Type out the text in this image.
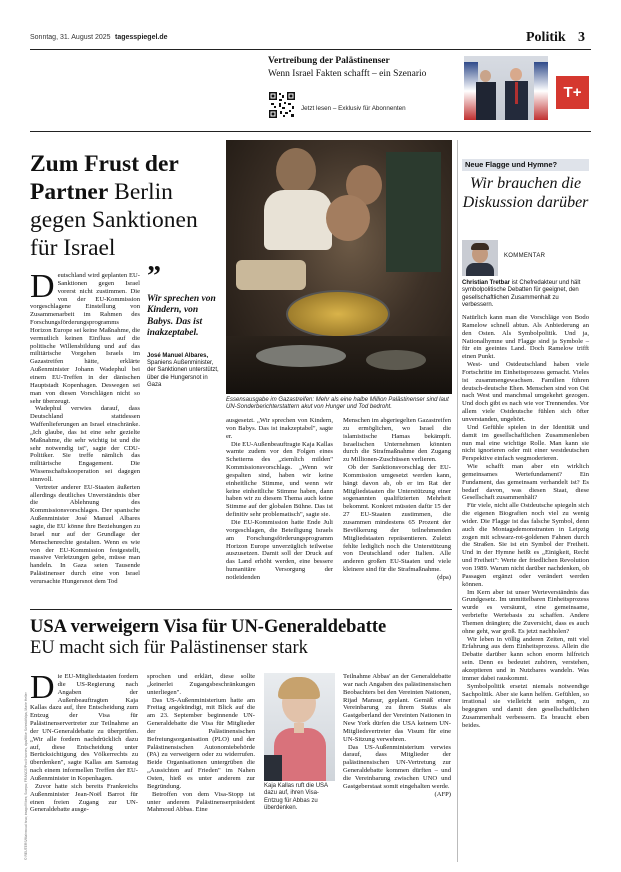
Sonntag, 31. August 2025 tagesspiegel.de	Politik 3
Vertreibung der Palästinenser
Wenn Israel Fakten schafft – ein Szenario
Jetzt lesen – Exklusiv für Abonnenten
T+
Zum Frust der Partner Berlin gegen Sanktionen für Israel
Essensausgabe im Gazastreifen: Mehr als eine halbe Million Palästinenser sind laut UN-Sonderberichterstattern akut von Hunger und Tod bedroht.
”
Wir sprechen von Kindern, von Babys. Das ist inakzeptabel.
José Manuel Albares, Spaniens Außenminister, der Sanktionen unterstützt, über die Hungersnot in Gaza

Deutschland wird geplanten EU-Sanktionen gegen Israel vorerst nicht zustimmen. Die von der EU-Kommission vorgeschlagene Einstellung von Zusammenarbeit im Rahmen des Forschungsförderungsprogramms Horizon Europe sei keine Maßnahme, die vermutlich keinen Einfluss auf die politische Willensbildung und auf das militärische Vorgehen Israels im Gazastreifen hätte, erklärte Außenminister Johann Wadephul bei einem EU-Treffen in der dänischen Hauptstadt Kopenhagen. Deswegen sei man von diesen Vorschlägen nicht so sehr überzeugt.

Wadephul verwies darauf, dass Deutschland stattdessen Waffenlieferungen an Israel einschränke. „Ich glaube, das ist eine sehr gezielte Maßnahme, die sehr wichtig ist und die sehr notwendig ist", sagte der CDU-Politiker. Sie treffe nämlich das militärische Engagement. Die Wissenschaftskooperation sei dagegen sinnvoll.

Vertreter anderer EU-Staaten äußerten allerdings deutliches Unverständnis über die Ablehnung des Kommissionsvorschlages. Der spanische Außenminister José Manuel Albares sagte, die EU könne ihre Beziehungen zu Israel nur auf der Grundlage der Menschenrechte gestalten. Wenn es wie von der EU-Kommission festgestellt, massive Verletzungen gebe, müsse man handeln. In Gaza seien Tausende Palästinenser durch eine von Israel verursachte Hungersnot dem Tod

ausgesetzt. „Wir sprechen von Kindern, von Babys. Das ist inakzeptabel", sagte er.

Die EU-Außenbeauftragte Kaja Kallas warnte zudem vor den Folgen eines Scheiterns des „ziemlich milden" Kommissionsvorschlags. „Wenn wir gespalten sind, haben wir keine einheitliche Stimme, und wenn wir keine einheitliche Stimme haben, dann haben wir zu diesem Thema auch keine Stimme auf der globalen Bühne. Das ist definitiv sehr problematisch", sagte sie.

Die EU-Kommission hatte Ende Juli vorgeschlagen, die Beteiligung Israels am Forschungsförderungsprogramm Horizon Europe unverzüglich teilweise auszusetzen. Damit soll der Druck auf das Land erhöht werden, eine bessere humanitäre Versorgung der notleidenden

Menschen im abgeriegelten Gazastreifen zu ermöglichen, wo Israel die islamistische Hamas bekämpft. Israelischen Unternehmen könnten durch die Strafmaßnahme den Zugang zu Millionen-Zuschüssen verlieren.

Ob der Sanktionsvorschlag der EU-Kommission umgesetzt werden kann, hängt davon ab, ob er im Rat der Mitgliedstaaten die Unterstützung einer sogenannten qualifizierten Mehrheit bekommt. Konkret müssten dafür 15 der 27 EU-Staaten zustimmen, die zusammen mindestens 65 Prozent der Bevölkerung der teilnehmenden Mitgliedstaaten repräsentieren. Zuletzt fehlte lediglich noch die Unterstützung von Deutschland oder Italien. Alle anderen großen EU-Staaten und viele kleinere sind für die Strafmaßnahme.

(dpa)

Neue Flagge und Hymne?
Wir brauchen die Diskussion darüber
KOMMENTAR
Christian Tretbar ist Chefredakteur und hält symbolpolitische Debatten für geeignet, den gesellschaftlichen Zusammenhalt zu verbessern.

Natürlich kann man die Vorschläge von Bodo Ramelow schnell abtun. Als Anbiederung an den Osten. Als Symbolpolitik. Und ja, Nationalhymne und Flagge sind ja Symbole – für ein geeintes Land. Doch Ramelow trifft einen Punkt.

West- und Ostdeutschland haben viele Fortschritte im Einheitsprozess gemacht. Vieles ist zusammengewachsen. Familien führen deutsch-deutsche Ehen. Menschen sind von Ost nach West und manchmal umgekehrt gezogen. Und doch gibt es nach wie vor Trennendes. Vor allem viele Ostdeutsche fühlen sich öfter unverstanden, ungehört.

Und Gefühle spielen in der Identität und damit im gesellschaftlichen Zusammenleben nun mal eine wichtige Rolle. Man kann sie nicht ignorieren oder mit einer westdeutschen Perspektive einfach wegmoderieren.

Wie schafft man aber ein wirklich gemeinsames Wertefundament? Ein Fundament, das gemeinsam verhandelt ist? Es bedarf davon, was diesen Staat, diese Gesellschaft zusammenhält?

Für viele, nicht alle Ostdeutsche spiegeln sich die eigenen Biografien noch viel zu wenig wider. Die Flagge ist das falsche Symbol, denn auch die Montagsdemonstranten in Leipzig zogen mit schwarz-rot-goldenen Fahnen durch die Straßen. Sie ist ein Symbol der Freiheit. Und in der Hymne heißt es „Einigkeit, Recht und Freiheit": Werte der friedlichen Revolution von 1989. Warum nicht darüber nachdenken, ob Passagen ergänzt oder verändert werden können.

Im Kern aber ist unser Werteverständnis das Grundgesetz. Im unmittelbaren Einheitsprozess wurde es versäumt, eine gemeinsame, verbriefte Wertebasis zu schaffen. Andere Themen drängten; die Zuversicht, dass es auch ohne geht, war groß. Es jetzt nachholen?

Wir leben in völlig anderen Zeiten, mit viel Erfahrung aus dem Einheitsprozess. Allein die Debatte darüber kann schon enorm hilfreich sein. Denn es bedeutet zuhören, verstehen, akzeptieren und in Nutzbares wandeln. Was immer dabei rauskommt.

Symbolpolitik ersetzt niemals notwendige Sachpolitik. Aber sie kann helfen. Gefühlen, so irrational sie vielleicht sein mögen, zu begegnen und damit den gesellschaftlichen Zusammenhalt verbessern. Es braucht eben beides.

USA verweigern Visa für UN-Generaldebatte
EU macht sich für Palästinenser stark
© REUTERS/Mahmoud Issa; imago/Vibes; Scarpa; FRANCE/Pool Hannes, dpa/Mike Schmidt/dpa, Marie Heller

Die EU-Mitgliedstaaten fordern die US-Regierung nach Angaben der Außenbeauftragten Kaja Kallas dazu auf, ihre Entscheidung zum Entzug der Visa für Palästinenservertreter zur Teilnahme an der UN-Generaldebatte zu überprüfen. „Wir alle fordern nachdrücklich dazu auf, diese Entscheidung unter Berücksichtigung des Völkerrechts zu überdenken", sagte Kallas am Samstag nach einem informellen Treffen der EU-Außenminister in Kopenhagen.

Zuvor hatte sich bereits Frankreichs Außenminister Jean-Noël Barrot für einen freien Zugang zur UN-Generaldebatte ausge-

sprochen und erklärt, diese sollte „keinerlei Zugangsbeschränkungen unterliegen".

Das US-Außenministerium hatte am Freitag angekündigt, mit Blick auf die am 23. September beginnende UN-Generaldebatte die Visa für Mitglieder der Palästinensischen Befreiungsorganisation (PLO) und der Palästinensischen Autonomiebehörde (PA) zu verweigern oder zu widerrufen. Beide Organisationen untergrüben die „Aussichten auf Frieden" im Nahen Osten, hieß es unter anderem zur Begründung.

Betroffen von dem Visa-Stopp ist unter anderem Palästinenserpräsident Mahmoud Abbas. Eine

Kaja Kallas ruft die USA dazu auf, ihren Visa-Entzug für Abbas zu überdenken.

Teilnahme Abbas' an der Generaldebatte war nach Angaben des palästinensischen Beobachters bei den Vereinten Nationen, Rijad Mansur, geplant. Gemäß einer Vereinbarung zu ihrem Status als Gastgeberland der Vereinten Nationen in New York dürfen die USA keinem UN-Mitgliedsvertreter das Visum für eine UN-Sitzung verwehren.

Das US-Außenministerium verwies darauf, dass Mitglieder der palästinensischen UN-Vertretung zur Generaldebatte kommen dürften – und die Vereinbarung zwischen UNO und Gastgeberstaat somit eingehalten werde.

(AFP)
